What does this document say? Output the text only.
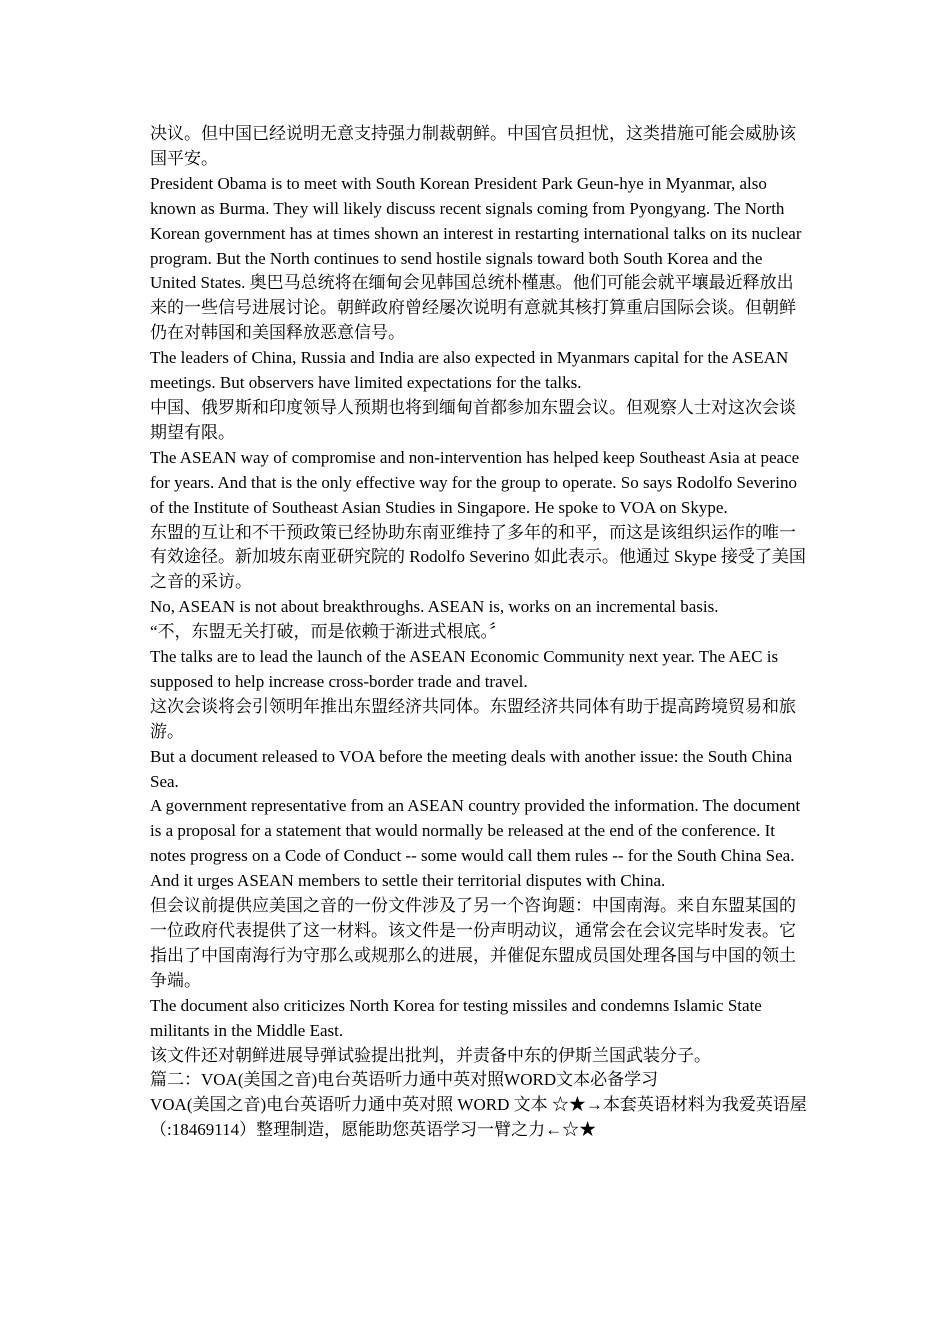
决议。但中国已经说明无意支持强力制裁朝鲜。中国官员担忧，这类措施可能会威胁该国平安。

President Obama is to meet with South Korean President Park Geun-hye in Myanmar, also known as Burma. They will likely discuss recent signals coming from Pyongyang. The North Korean government has at times shown an interest in restarting international talks on its nuclear program. But the North continues to send hostile signals toward both South Korea and the United States. 奥巴马总统将在缅甸会见韩国总统朴槿惠。他们可能会就平壤最近释放出来的一些信号进展讨论。朝鲜政府曾经屡次说明有意就其核打算重启国际会谈。但朝鲜仍在对韩国和美国释放恶意信号。

The leaders of China, Russia and India are also expected in Myanmars capital for the ASEAN meetings. But observers have limited expectations for the talks.

中国、俄罗斯和印度领导人预期也将到缅甸首都参加东盟会议。但观察人士对这次会谈期望有限。

The ASEAN way of compromise and non-intervention has helped keep Southeast Asia at peace for years. And that is the only effective way for the group to operate. So says Rodolfo Severino of the Institute of Southeast Asian Studies in Singapore. He spoke to VOA on Skype.

东盟的互让和不干预政策已经协助东南亚维持了多年的和平，而这是该组织运作的唯一有效途径。新加坡东南亚研究院的 Rodolfo Severino 如此表示。他通过 Skype 接受了美国之音的采访。

No, ASEAN is not about breakthroughs. ASEAN is, works on an incremental basis.

“不，东盟无关打破，而是依赖于渐进式根底。〞

The talks are to lead the launch of the ASEAN Economic Community next year. The AEC is supposed to help increase cross-border trade and travel.

这次会谈将会引领明年推出东盟经济共同体。东盟经济共同体有助于提高跨境贸易和旅游。

But a document released to VOA before the meeting deals with another issue: the South China Sea.

A government representative from an ASEAN country provided the information. The document is a proposal for a statement that would normally be released at the end of the conference. It notes progress on a Code of Conduct -- some would call them rules -- for the South China Sea. And it urges ASEAN members to settle their territorial disputes with China.

但会议前提供应美国之音的一份文件涉及了另一个咨询题：中国南海。来自东盟某国的一位政府代表提供了这一材料。该文件是一份声明动议，通常会在会议完毕时发表。它指出了中国南海行为守那么或规那么的进展，并催促东盟成员国处理各国与中国的领土争端。

The document also criticizes North Korea for testing missiles and condemns Islamic State militants in the Middle East.

该文件还对朝鲜进展导弹试验提出批判，并责备中东的伊斯兰国武装分子。

篇二：VOA(美国之音)电台英语听力通中英对照WORD文本必备学习

VOA(美国之音)电台英语听力通中英对照 WORD 文本 ☆★→本套英语材料为我爱英语屋（:18469114）整理制造，愿能助您英语学习一臂之力←☆★
